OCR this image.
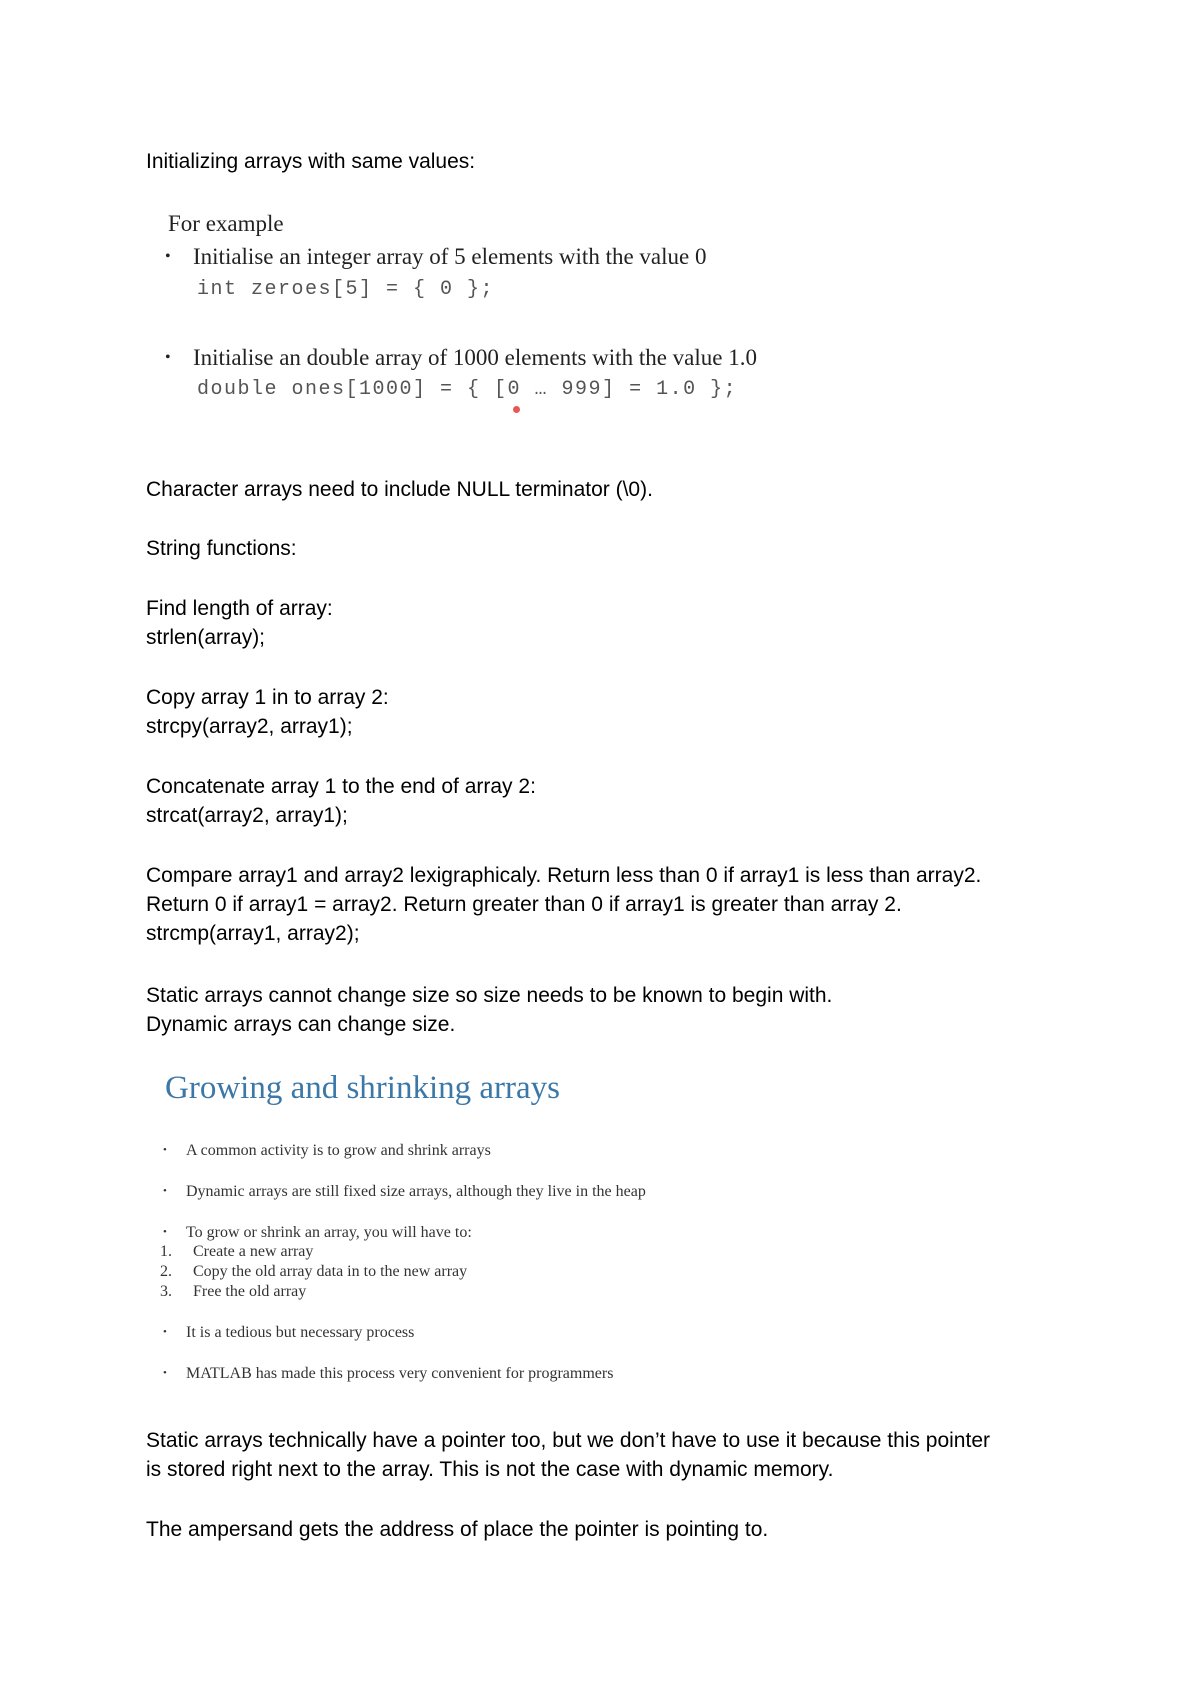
Initializing arrays with same values:
For example
• Initialise an integer array of 5 elements with the value 0
int zeroes[5] = { 0 };
• Initialise an double array of 1000 elements with the value 1.0
double ones[1000] = { [0 … 999] = 1.0 };
Character arrays need to include NULL terminator (\0).
String functions:
Find length of array:
strlen(array);
Copy array 1 in to array 2:
strcpy(array2, array1);
Concatenate array 1 to the end of array 2:
strcat(array2, array1);
Compare array1 and array2 lexigraphicaly. Return less than 0 if array1 is less than array2.
Return 0 if array1 = array2. Return greater than 0 if array1 is greater than array 2.
strcmp(array1, array2);
Static arrays cannot change size so size needs to be known to begin with.
Dynamic arrays can change size.
Growing and shrinking arrays
• A common activity is to grow and shrink arrays
• Dynamic arrays are still fixed size arrays, although they live in the heap
• To grow or shrink an array, you will have to:
1. Create a new array
2. Copy the old array data in to the new array
3. Free the old array
• It is a tedious but necessary process
• MATLAB has made this process very convenient for programmers
Static arrays technically have a pointer too, but we don’t have to use it because this pointer
is stored right next to the array. This is not the case with dynamic memory.
The ampersand gets the address of place the pointer is pointing to.
